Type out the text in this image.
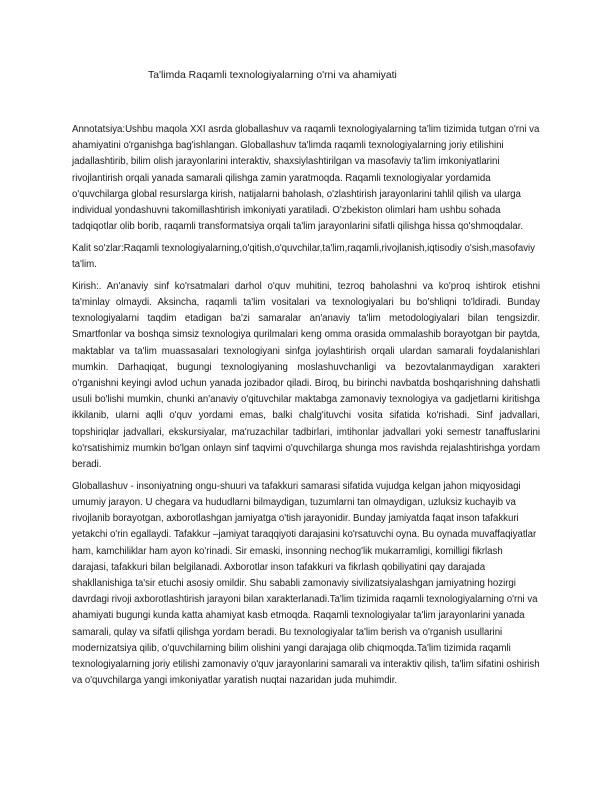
Ta'limda Raqamli texnologiyalarning o'rni va ahamiyati

Annotatsiya:Ushbu maqola XXI asrda globallashuv va raqamli texnologiyalarning ta'lim tizimida tutgan o'rni va ahamiyatini o'rganishga bag'ishlangan. Globallashuv ta'limda raqamli texnologiyalarning joriy etilishini jadallashtirib, bilim olish jarayonlarini interaktiv, shaxsiylashtirilgan va masofaviy ta'lim imkoniyatlarini rivojlantirish orqali yanada samarali qilishga zamin yaratmoqda. Raqamli texnologiyalar yordamida o'quvchilarga global resurslarga kirish, natijalarni baholash, o'zlashtirish jarayonlarini tahlil qilish va ularga individual yondashuvni takomillashtirish imkoniyati yaratiladi. O'zbekiston olimlari ham ushbu sohada tadqiqotlar olib borib, raqamli transformatsiya orqali ta'lim jarayonlarini sifatli qilishga hissa qo'shmoqdalar.

Kalit so'zlar:Raqamli texnologiyalarning,o'qitish,o'quvchilar,ta'lim,raqamli,rivojlanish,iqtisodiy o'sish,masofaviy ta'lim.

Kirish:. An'anaviy sinf ko'rsatmalari darhol o'quv muhitini, tezroq baholashni va ko'proq ishtirok etishni ta'minlay olmaydi. Aksincha, raqamli ta'lim vositalari va texnologiyalari bu bo'shliqni to'ldiradi. Bunday texnologiyalarni taqdim etadigan ba'zi samaralar an'anaviy ta'lim metodologiyalari bilan tengsizdir. Smartfonlar va boshqa simsiz texnologiya qurilmalari keng omma orasida ommalashib borayotgan bir paytda, maktablar va ta'lim muassasalari texnologiyani sinfga joylashtirish orqali ulardan samarali foydalanishlari mumkin. Darhaqiqat, bugungi texnologiyaning moslashuvchanligi va bezovtalanmaydigan xarakteri o'rganishni keyingi avlod uchun yanada jozibador qiladi. Biroq, bu birinchi navbatda boshqarishning dahshatli usuli bo'lishi mumkin, chunki an'anaviy o'qituvchilar maktabga zamonaviy texnologiya va gadjetlarni kiritishga ikkilanib, ularni aqlli o'quv yordami emas, balki chalg'ituvchi vosita sifatida ko'rishadi. Sinf jadvallari, topshiriqlar jadvallari, ekskursiyalar, ma'ruzachilar tadbirlari, imtihonlar jadvallari yoki semestr tanaffuslarini ko'rsatishimiz mumkin bo'lgan onlayn sinf taqvimi o'quvchilarga shunga mos ravishda rejalashtirishga yordam beradi.

Globallashuv - insoniyatning ongu-shuuri va tafakkuri samarasi sifatida vujudga kelgan jahon miqyosidagi umumiy jarayon. U chegara va hududlarni bilmaydigan, tuzumlarni tan olmaydigan, uzluksiz kuchayib va rivojlanib borayotgan, axborotlashgan jamiyatga o'tish jarayonidir. Bunday jamiyatda faqat inson tafakkuri yetakchi o'rin egallaydi. Tafakkur –jamiyat taraqqiyoti darajasini ko'rsatuvchi oyna. Bu oynada muvaffaqiyatlar ham, kamchiliklar ham ayon ko'rinadi. Sir emaski, insonning nechog'lik mukarramligi, komilligi fikrlash darajasi, tafakkuri bilan belgilanadi. Axborotlar inson tafakkuri va fikrlash qobiliyatini qay darajada shakllanishiga ta'sir etuchi asosiy omildir. Shu sababli zamonaviy sivilizatsiyalashgan jamiyatning hozirgi davrdagi rivoji axborotlashtirish jarayoni bilan xarakterlanadi.Ta'lim tizimida raqamli texnologiyalarning o'rni va ahamiyati bugungi kunda katta ahamiyat kasb etmoqda. Raqamli texnologiyalar ta'lim jarayonlarini yanada samarali, qulay va sifatli qilishga yordam beradi. Bu texnologiyalar ta'lim berish va o'rganish usullarini modernizatsiya qilib, o'quvchilarning bilim olishini yangi darajaga olib chiqmoqda.Ta'lim tizimida raqamli texnologiyalarning joriy etilishi zamonaviy o'quv jarayonlarini samarali va interaktiv qilish, ta'lim sifatini oshirish va o'quvchilarga yangi imkoniyatlar yaratish nuqtai nazaridan juda muhimdir.
